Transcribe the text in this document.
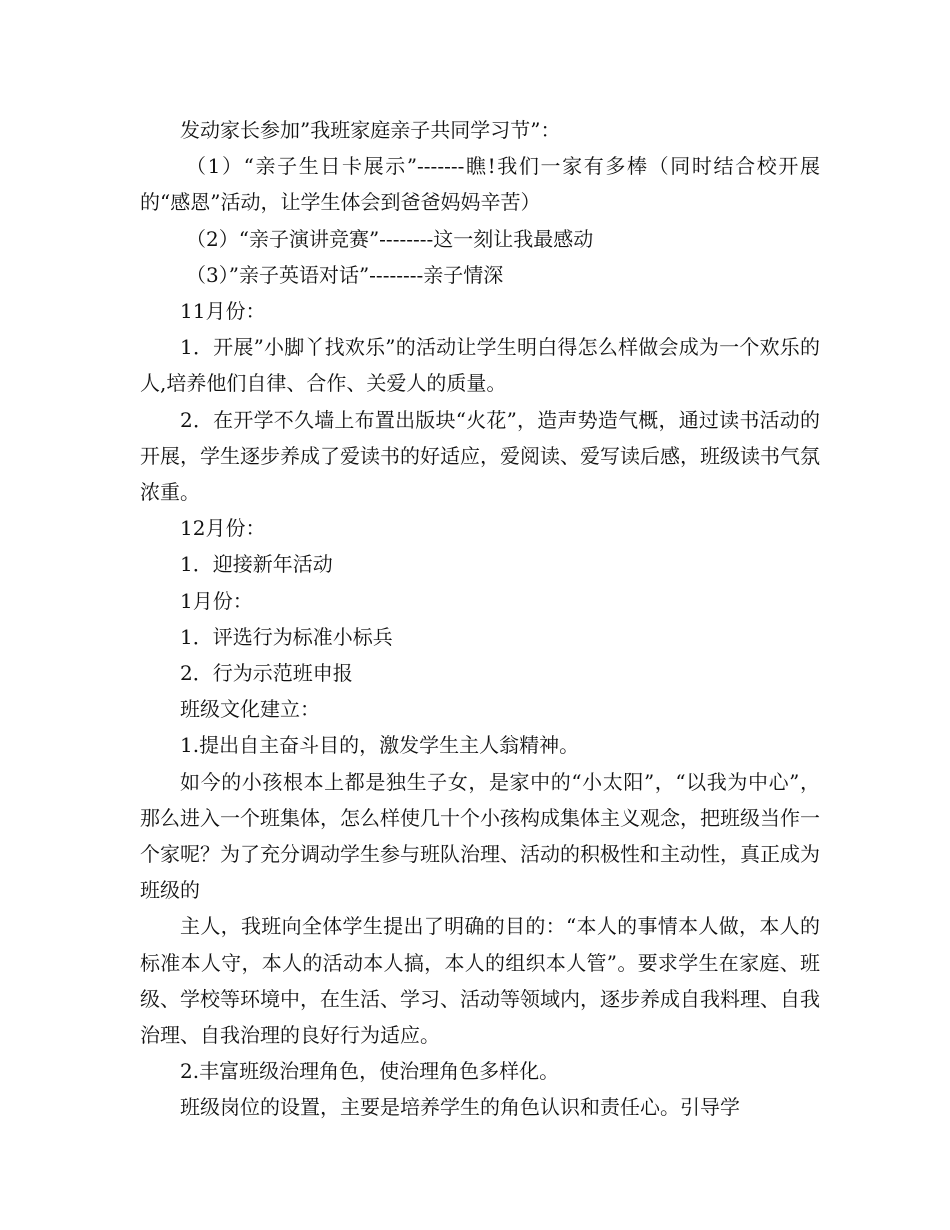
发动家长参加”我班家庭亲子共同学习节”：

（1）“亲子生日卡展示”-------瞧!我们一家有多棒（同时结合校开展的“感恩”活动，让学生体会到爸爸妈妈辛苦）

（2）“亲子演讲竞赛”--------这一刻让我最感动

（3）”亲子英语对话”--------亲子情深

11月份：

1．开展”小脚丫找欢乐”的活动让学生明白得怎么样做会成为一个欢乐的人,培养他们自律、合作、关爱人的质量。

2．在开学不久墙上布置出版块“火花”，造声势造气概，通过读书活动的开展，学生逐步养成了爱读书的好适应，爱阅读、爱写读后感，班级读书气氛浓重。

12月份：

1．迎接新年活动

1月份：

1．评选行为标准小标兵

2．行为示范班申报

班级文化建立：

1.提出自主奋斗目的，激发学生主人翁精神。

如今的小孩根本上都是独生子女，是家中的“小太阳”，“以我为中心”，那么进入一个班集体，怎么样使几十个小孩构成集体主义观念，把班级当作一个家呢？为了充分调动学生参与班队治理、活动的积极性和主动性，真正成为班级的

主人，我班向全体学生提出了明确的目的：“本人的事情本人做，本人的标准本人守，本人的活动本人搞，本人的组织本人管”。要求学生在家庭、班级、学校等环境中，在生活、学习、活动等领域内，逐步养成自我料理、自我治理、自我治理的良好行为适应。

2.丰富班级治理角色，使治理角色多样化。

班级岗位的设置，主要是培养学生的角色认识和责任心。引导学
